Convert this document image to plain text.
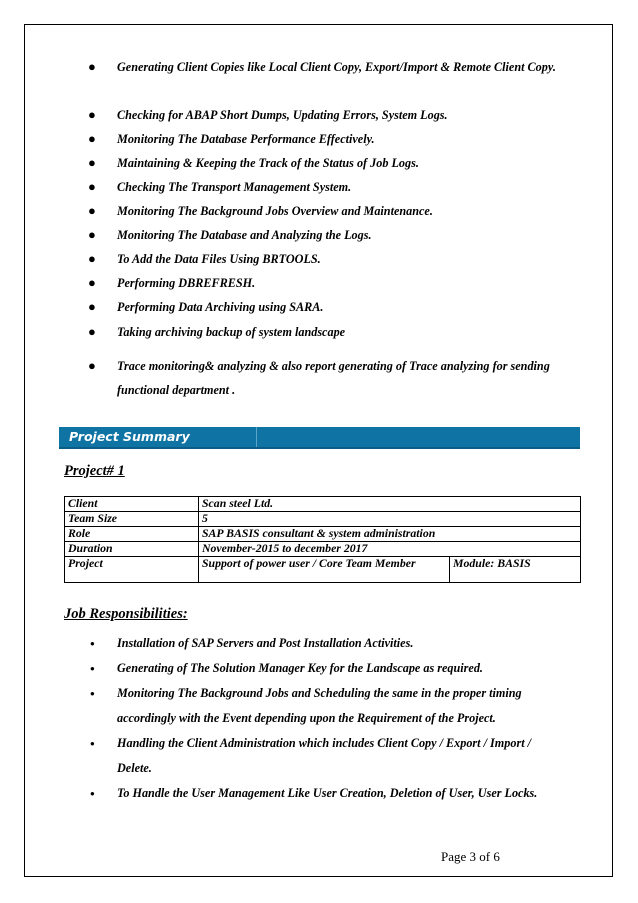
● Generating Client Copies like Local Client Copy, Export/Import & Remote Client Copy.
● Checking for ABAP Short Dumps, Updating Errors, System Logs.
● Monitoring The Database Performance Effectively.
● Maintaining & Keeping the Track of the Status of Job Logs.
● Checking The Transport Management System.
● Monitoring The Background Jobs Overview and Maintenance.
● Monitoring The Database and Analyzing the Logs.
● To Add the Data Files Using BRTOOLS.
● Performing DBREFRESH.
● Performing Data Archiving using SARA.
● Taking archiving backup of system landscape
● Trace monitoring& analyzing & also report generating of Trace analyzing for sending functional department .
Project Summary
Project# 1
Client	Scan steel Ltd.	
Team Size	5	
Role	SAP BASIS consultant & system administration	
Duration	November-2015 to december 2017	
Project	Support of power user / Core Team Member	Module: BASIS
Job Responsibilities:
• Installation of SAP Servers and Post Installation Activities.
• Generating of The Solution Manager Key for the Landscape as required.
• Monitoring The Background Jobs and Scheduling the same in the proper timing accordingly with the Event depending upon the Requirement of the Project.
• Handling the Client Administration which includes Client Copy / Export / Import / Delete.
• To Handle the User Management Like User Creation, Deletion of User, User Locks.
Page 3 of 6
